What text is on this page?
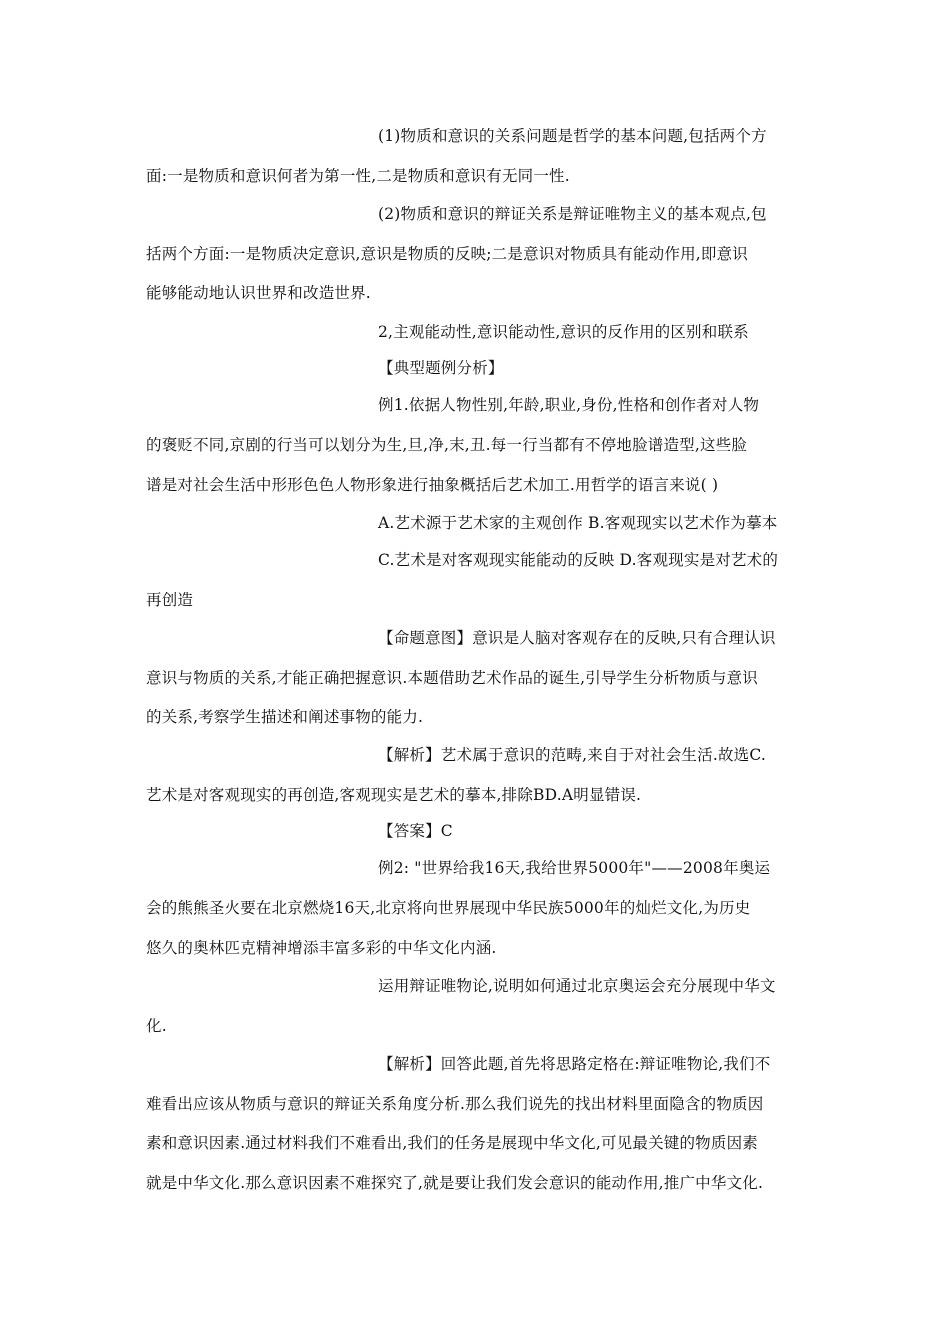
(1)物质和意识的关系问题是哲学的基本问题,包括两个方
面:一是物质和意识何者为第一性,二是物质和意识有无同一性.
(2)物质和意识的辩证关系是辩证唯物主义的基本观点,包
括两个方面:一是物质决定意识,意识是物质的反映;二是意识对物质具有能动作用,即意识
能够能动地认识世界和改造世界.
2,主观能动性,意识能动性,意识的反作用的区别和联系
【典型题例分析】
例1.依据人物性别,年龄,职业,身份,性格和创作者对人物
的褒贬不同,京剧的行当可以划分为生,旦,净,末,丑.每一行当都有不停地脸谱造型,这些脸
谱是对社会生活中形形色色人物形象进行抽象概括后艺术加工.用哲学的语言来说( )
A.艺术源于艺术家的主观创作 B.客观现实以艺术作为摹本
C.艺术是对客观现实能能动的反映 D.客观现实是对艺术的
再创造
【命题意图】意识是人脑对客观存在的反映,只有合理认识
意识与物质的关系,才能正确把握意识.本题借助艺术作品的诞生,引导学生分析物质与意识
的关系,考察学生描述和阐述事物的能力.
【解析】艺术属于意识的范畴,来自于对社会生活.故选C.
艺术是对客观现实的再创造,客观现实是艺术的摹本,排除BD.A明显错误.
【答案】C
例2: "世界给我16天,我给世界5000年"——2008年奥运
会的熊熊圣火要在北京燃烧16天,北京将向世界展现中华民族5000年的灿烂文化,为历史
悠久的奥林匹克精神增添丰富多彩的中华文化内涵.
运用辩证唯物论,说明如何通过北京奥运会充分展现中华文
化.
【解析】回答此题,首先将思路定格在:辩证唯物论,我们不
难看出应该从物质与意识的辩证关系角度分析.那么我们说先的找出材料里面隐含的物质因
素和意识因素.通过材料我们不难看出,我们的任务是展现中华文化,可见最关键的物质因素
就是中华文化.那么意识因素不难探究了,就是要让我们发会意识的能动作用,推广中华文化.
